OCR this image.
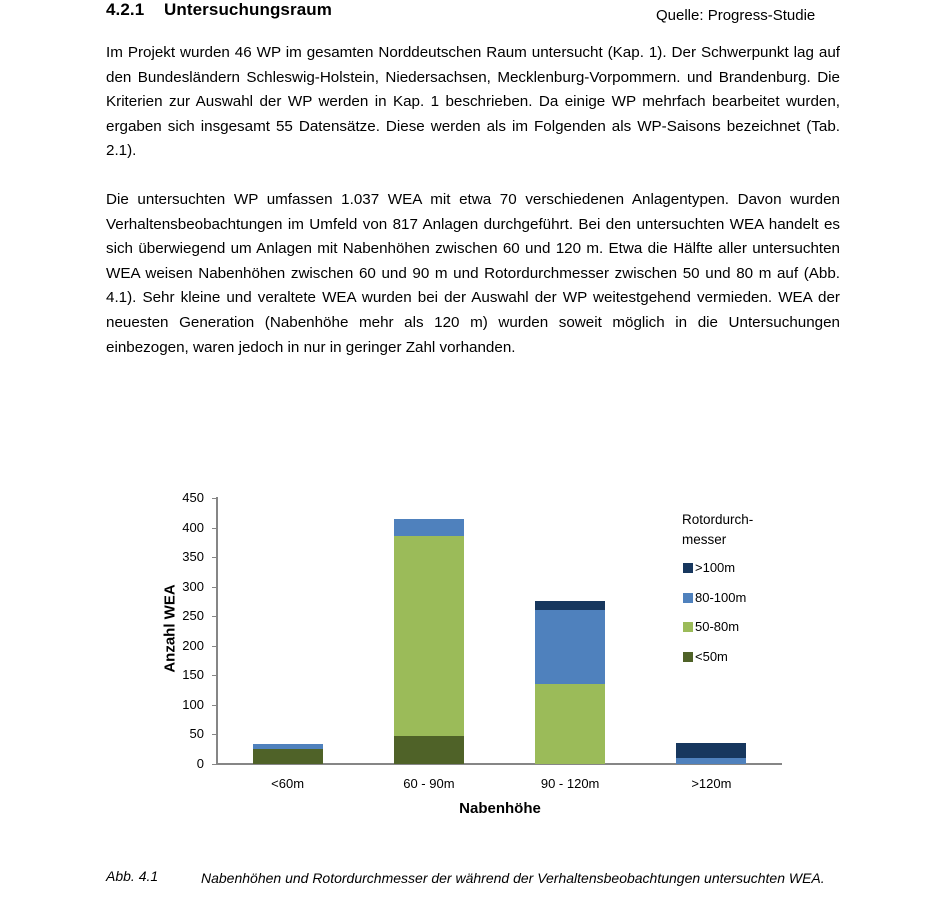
4.2.1 Untersuchungsraum	Quelle: Progress-Studie

Im Projekt wurden 46 WP im gesamten Norddeutschen Raum untersucht (Kap. 1). Der Schwerpunkt lag auf den Bundesländern Schleswig-Holstein, Niedersachsen, Mecklenburg-Vorpommern. und Brandenburg. Die Kriterien zur Auswahl der WP werden in Kap. 1 beschrieben. Da einige WP mehrfach bearbeitet wurden, ergaben sich insgesamt 55 Datensätze. Diese werden als im Folgenden als WP-Saisons bezeichnet (Tab. 2.1).

Die untersuchten WP umfassen 1.037 WEA mit etwa 70 verschiedenen Anlagentypen. Davon wurden Verhaltensbeobachtungen im Umfeld von 817 Anlagen durchgeführt. Bei den untersuchten WEA handelt es sich überwiegend um Anlagen mit Nabenhöhen zwischen 60 und 120 m. Etwa die Hälfte aller untersuchten WEA weisen Nabenhöhen zwischen 60 und 90 m und Rotordurchmesser zwischen 50 und 80 m auf (Abb. 4.1). Sehr kleine und veraltete WEA wurden bei der Auswahl der WP weitestgehend vermieden. WEA der neuesten Generation (Nabenhöhe mehr als 120 m) wurden soweit möglich in die Untersuchungen einbezogen, waren jedoch in nur in geringer Zahl vorhanden.

0
50
100
150
200
250
300
350
400
450
<60m	60 - 90m	90 - 120m	>120m
Anzahl WEA
Nabenhöhe
Rotordurch-
messer
>100m
80-100m
50-80m
<50m
Abb. 4.1	Nabenhöhen und Rotordurchmesser der während der Verhaltensbeobachtungen untersuchten WEA.
